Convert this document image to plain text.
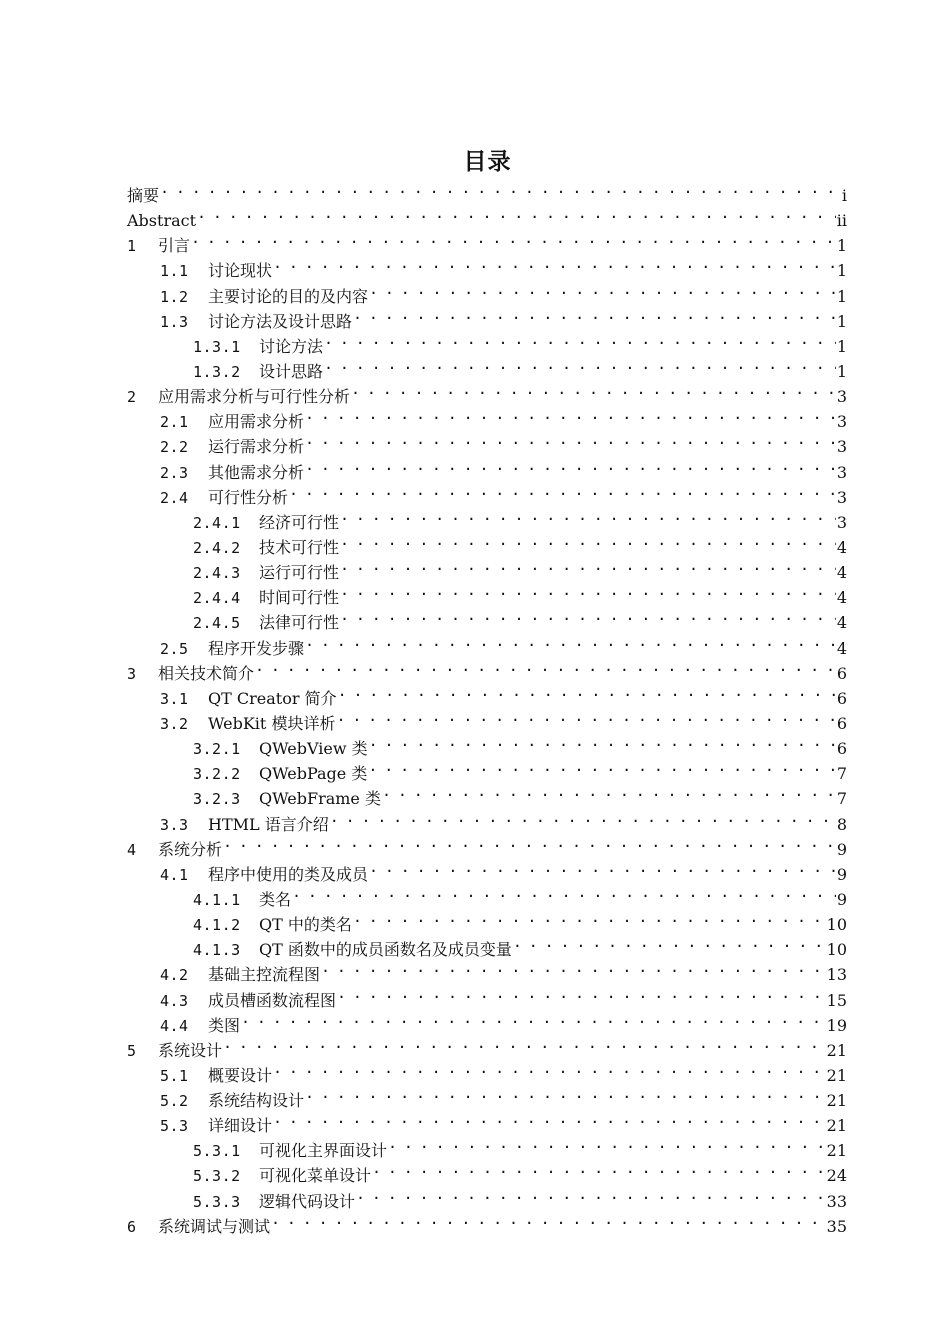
目录
摘要 . . .	i
Abstract . . .	ii
1	引言 . . .	1
1.1	讨论现状 . . .	1
1.2	主要讨论的目的及内容 . . .	1
1.3	讨论方法及设计思路 . . .	1
1.3.1	讨论方法 . . .	1
1.3.2	设计思路 . . .	1
2	应用需求分析与可行性分析 . . .	3
2.1	应用需求分析 . . .	3
2.2	运行需求分析 . . .	3
2.3	其他需求分析 . . .	3
2.4	可行性分析 . . .	3
2.4.1	经济可行性 . . .	3
2.4.2	技术可行性 . . .	4
2.4.3	运行可行性 . . .	4
2.4.4	时间可行性 . . .	4
2.4.5	法律可行性 . . .	4
2.5	程序开发步骤 . . .	4
3	相关技术简介 . . .	6
3.1	QT Creator 简介 . . .	6
3.2	WebKit 模块详析 . . .	6
3.2.1	QWebView 类 . . .	6
3.2.2	QWebPage 类 . . .	7
3.2.3	QWebFrame 类 . . .	7
3.3	HTML 语言介绍 . . .	8
4	系统分析 . . .	9
4.1	程序中使用的类及成员 . . .	9
4.1.1	类名 . . .	9
4.1.2	QT 中的类名 . . .	10
4.1.3	QT 函数中的成员函数名及成员变量 . . .	10
4.2	基础主控流程图 . . .	13
4.3	成员槽函数流程图 . . .	15
4.4	类图 . . .	19
5	系统设计 . . .	21
5.1	概要设计 . . .	21
5.2	系统结构设计 . . .	21
5.3	详细设计 . . .	21
5.3.1	可视化主界面设计 . . .	21
5.3.2	可视化菜单设计 . . .	24
5.3.3	逻辑代码设计 . . .	33
6	系统调试与测试 . . .	35
